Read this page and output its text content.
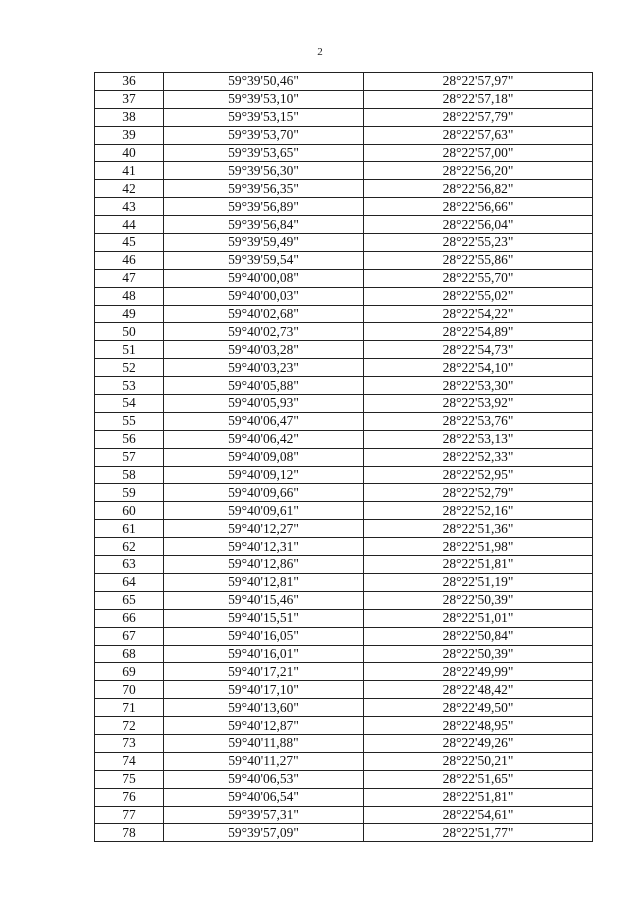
2
36	59°39'50,46"	28°22'57,97"
37	59°39'53,10"	28°22'57,18"
38	59°39'53,15"	28°22'57,79"
39	59°39'53,70"	28°22'57,63"
40	59°39'53,65"	28°22'57,00"
41	59°39'56,30"	28°22'56,20"
42	59°39'56,35"	28°22'56,82"
43	59°39'56,89"	28°22'56,66"
44	59°39'56,84"	28°22'56,04"
45	59°39'59,49"	28°22'55,23"
46	59°39'59,54"	28°22'55,86"
47	59°40'00,08"	28°22'55,70"
48	59°40'00,03"	28°22'55,02"
49	59°40'02,68"	28°22'54,22"
50	59°40'02,73"	28°22'54,89"
51	59°40'03,28"	28°22'54,73"
52	59°40'03,23"	28°22'54,10"
53	59°40'05,88"	28°22'53,30"
54	59°40'05,93"	28°22'53,92"
55	59°40'06,47"	28°22'53,76"
56	59°40'06,42"	28°22'53,13"
57	59°40'09,08"	28°22'52,33"
58	59°40'09,12"	28°22'52,95"
59	59°40'09,66"	28°22'52,79"
60	59°40'09,61"	28°22'52,16"
61	59°40'12,27"	28°22'51,36"
62	59°40'12,31"	28°22'51,98"
63	59°40'12,86"	28°22'51,81"
64	59°40'12,81"	28°22'51,19"
65	59°40'15,46"	28°22'50,39"
66	59°40'15,51"	28°22'51,01"
67	59°40'16,05"	28°22'50,84"
68	59°40'16,01"	28°22'50,39"
69	59°40'17,21"	28°22'49,99"
70	59°40'17,10"	28°22'48,42"
71	59°40'13,60"	28°22'49,50"
72	59°40'12,87"	28°22'48,95"
73	59°40'11,88"	28°22'49,26"
74	59°40'11,27"	28°22'50,21"
75	59°40'06,53"	28°22'51,65"
76	59°40'06,54"	28°22'51,81"
77	59°39'57,31"	28°22'54,61"
78	59°39'57,09"	28°22'51,77"
